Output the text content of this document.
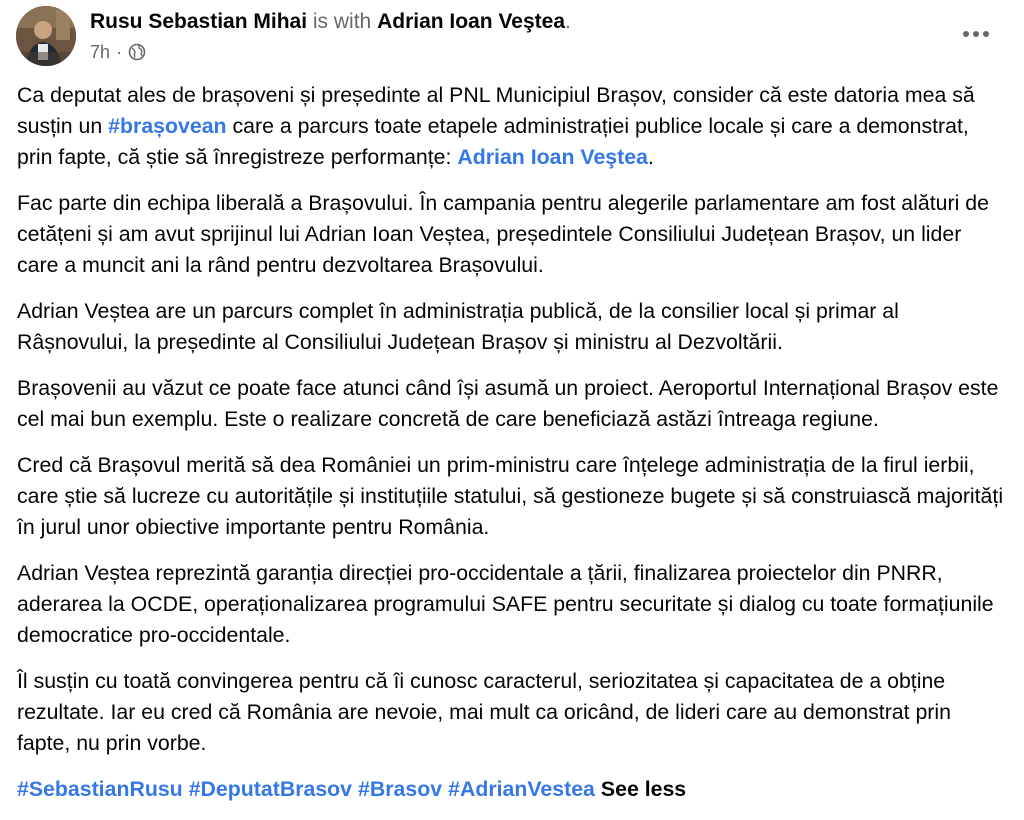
Rusu Sebastian Mihai is with Adrian Ioan Veştea.
7h ·

Ca deputat ales de brașoveni și președinte al PNL Municipiul Brașov, consider că este datoria mea să susțin un #brașovean care a parcurs toate etapele administrației publice locale și care a demonstrat, prin fapte, că știe să înregistreze performanțe: Adrian Ioan Veştea.

Fac parte din echipa liberală a Brașovului. În campania pentru alegerile parlamentare am fost alături de cetățeni și am avut sprijinul lui Adrian Ioan Veștea, președintele Consiliului Județean Brașov, un lider care a muncit ani la rând pentru dezvoltarea Brașovului.

Adrian Veștea are un parcurs complet în administrația publică, de la consilier local și primar al Râșnovului, la președinte al Consiliului Județean Brașov și ministru al Dezvoltării.

Brașovenii au văzut ce poate face atunci când își asumă un proiect. Aeroportul Internațional Brașov este cel mai bun exemplu. Este o realizare concretă de care beneficiază astăzi întreaga regiune.

Cred că Brașovul merită să dea României un prim-ministru care înțelege administrația de la firul ierbii, care știe să lucreze cu autoritățile și instituțiile statului, să gestioneze bugete și să construiască majorități în jurul unor obiective importante pentru România.

Adrian Veștea reprezintă garanția direcției pro-occidentale a țării, finalizarea proiectelor din PNRR, aderarea la OCDE, operaționalizarea programului SAFE pentru securitate și dialog cu toate formațiunile democratice pro-occidentale.

Îl susțin cu toată convingerea pentru că îi cunosc caracterul, seriozitatea și capacitatea de a obține rezultate. Iar eu cred că România are nevoie, mai mult ca oricând, de lideri care au demonstrat prin fapte, nu prin vorbe.

#SebastianRusu #DeputatBrasov #Brasov #AdrianVestea See less
